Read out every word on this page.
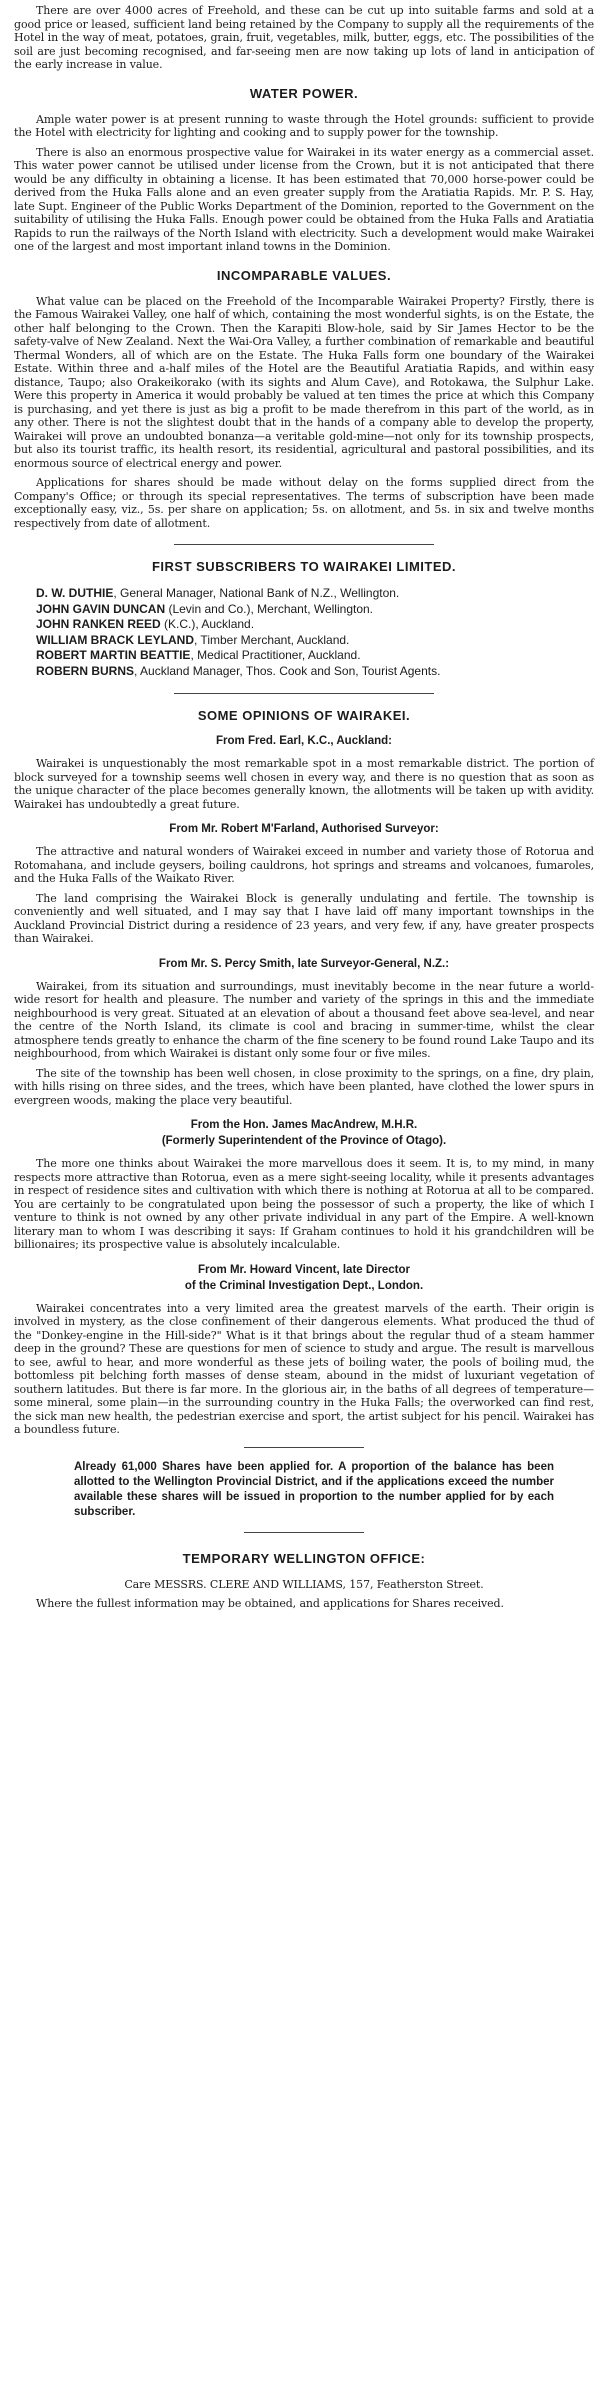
There are over 4000 acres of Freehold, and these can be cut up into suitable farms and sold at a good price or leased, sufficient land being retained by the Company to supply all the requirements of the Hotel in the way of meat, potatoes, grain, fruit, vegetables, milk, butter, eggs, etc. The possibilities of the soil are just becoming recognised, and far-seeing men are now taking up lots of land in anticipation of the early increase in value.

WATER POWER.

Ample water power is at present running to waste through the Hotel grounds: sufficient to provide the Hotel with electricity for lighting and cooking and to supply power for the township.

There is also an enormous prospective value for Wairakei in its water energy as a commercial asset. This water power cannot be utilised under license from the Crown, but it is not anticipated that there would be any difficulty in obtaining a license. It has been estimated that 70,000 horse-power could be derived from the Huka Falls alone and an even greater supply from the Aratiatia Rapids. Mr. P. S. Hay, late Supt. Engineer of the Public Works Department of the Dominion, reported to the Government on the suitability of utilising the Huka Falls. Enough power could be obtained from the Huka Falls and Aratiatia Rapids to run the railways of the North Island with electricity. Such a development would make Wairakei one of the largest and most important inland towns in the Dominion.

INCOMPARABLE VALUES.

What value can be placed on the Freehold of the Incomparable Wairakei Property? Firstly, there is the Famous Wairakei Valley, one half of which, containing the most wonderful sights, is on the Estate, the other half belonging to the Crown. Then the Karapiti Blow-hole, said by Sir James Hector to be the safety-valve of New Zealand. Next the Wai-Ora Valley, a further combination of remarkable and beautiful Thermal Wonders, all of which are on the Estate. The Huka Falls form one boundary of the Wairakei Estate. Within three and a-half miles of the Hotel are the Beautiful Aratiatia Rapids, and within easy distance, Taupo; also Orakeikorako (with its sights and Alum Cave), and Rotokawa, the Sulphur Lake. Were this property in America it would probably be valued at ten times the price at which this Company is purchasing, and yet there is just as big a profit to be made therefrom in this part of the world, as in any other. There is not the slightest doubt that in the hands of a company able to develop the property, Wairakei will prove an undoubted bonanza—a veritable gold-mine—not only for its township prospects, but also its tourist traffic, its health resort, its residential, agricultural and pastoral possibilities, and its enormous source of electrical energy and power.

Applications for shares should be made without delay on the forms supplied direct from the Company's Office; or through its special representatives. The terms of subscription have been made exceptionally easy, viz., 5s. per share on application; 5s. on allotment, and 5s. in six and twelve months respectively from date of allotment.

FIRST SUBSCRIBERS TO WAIRAKEI LIMITED.
D. W. DUTHIE, General Manager, National Bank of N.Z., Wellington.
JOHN GAVIN DUNCAN (Levin and Co.), Merchant, Wellington.
JOHN RANKEN REED (K.C.), Auckland.
WILLIAM BRACK LEYLAND, Timber Merchant, Auckland.
ROBERT MARTIN BEATTIE, Medical Practitioner, Auckland.
ROBERN BURNS, Auckland Manager, Thos. Cook and Son, Tourist Agents.
SOME OPINIONS OF WAIRAKEI.
From Fred. Earl, K.C., Auckland:

Wairakei is unquestionably the most remarkable spot in a most remarkable district. The portion of block surveyed for a township seems well chosen in every way, and there is no question that as soon as the unique character of the place becomes generally known, the allotments will be taken up with avidity. Wairakei has undoubtedly a great future.

From Mr. Robert M'Farland, Authorised Surveyor:

The attractive and natural wonders of Wairakei exceed in number and variety those of Rotorua and Rotomahana, and include geysers, boiling cauldrons, hot springs and streams and volcanoes, fumaroles, and the Huka Falls of the Waikato River.

The land comprising the Wairakei Block is generally undulating and fertile. The township is conveniently and well situated, and I may say that I have laid off many important townships in the Auckland Provincial District during a residence of 23 years, and very few, if any, have greater prospects than Wairakei.

From Mr. S. Percy Smith, late Surveyor-General, N.Z.:

Wairakei, from its situation and surroundings, must inevitably become in the near future a world-wide resort for health and pleasure. The number and variety of the springs in this and the immediate neighbourhood is very great. Situated at an elevation of about a thousand feet above sea-level, and near the centre of the North Island, its climate is cool and bracing in summer-time, whilst the clear atmosphere tends greatly to enhance the charm of the fine scenery to be found round Lake Taupo and its neighbourhood, from which Wairakei is distant only some four or five miles.

The site of the township has been well chosen, in close proximity to the springs, on a fine, dry plain, with hills rising on three sides, and the trees, which have been planted, have clothed the lower spurs in evergreen woods, making the place very beautiful.

From the Hon. James MacAndrew, M.H.R.
(Formerly Superintendent of the Province of Otago).

The more one thinks about Wairakei the more marvellous does it seem. It is, to my mind, in many respects more attractive than Rotorua, even as a mere sight-seeing locality, while it presents advantages in respect of residence sites and cultivation with which there is nothing at Rotorua at all to be compared. You are certainly to be congratulated upon being the possessor of such a property, the like of which I venture to think is not owned by any other private individual in any part of the Empire. A well-known literary man to whom I was describing it says: If Graham continues to hold it his grandchildren will be billionaires; its prospective value is absolutely incalculable.

From Mr. Howard Vincent, late Director
of the Criminal Investigation Dept., London.

Wairakei concentrates into a very limited area the greatest marvels of the earth. Their origin is involved in mystery, as the close confinement of their dangerous elements. What produced the thud of the "Donkey-engine in the Hill-side?" What is it that brings about the regular thud of a steam hammer deep in the ground? These are questions for men of science to study and argue. The result is marvellous to see, awful to hear, and more wonderful as these jets of boiling water, the pools of boiling mud, the bottomless pit belching forth masses of dense steam, abound in the midst of luxuriant vegetation of southern latitudes. But there is far more. In the glorious air, in the baths of all degrees of temperature—some mineral, some plain—in the surrounding country in the Huka Falls; the overworked can find rest, the sick man new health, the pedestrian exercise and sport, the artist subject for his pencil. Wairakei has a boundless future.

Already 61,000 Shares have been applied for. A proportion of the balance has been allotted to the Wellington Provincial District, and if the applications exceed the number available these shares will be issued in proportion to the number applied for by each subscriber.

TEMPORARY WELLINGTON OFFICE:

Care MESSRS. CLERE AND WILLIAMS, 157, Featherston Street.

Where the fullest information may be obtained, and applications for Shares received.
